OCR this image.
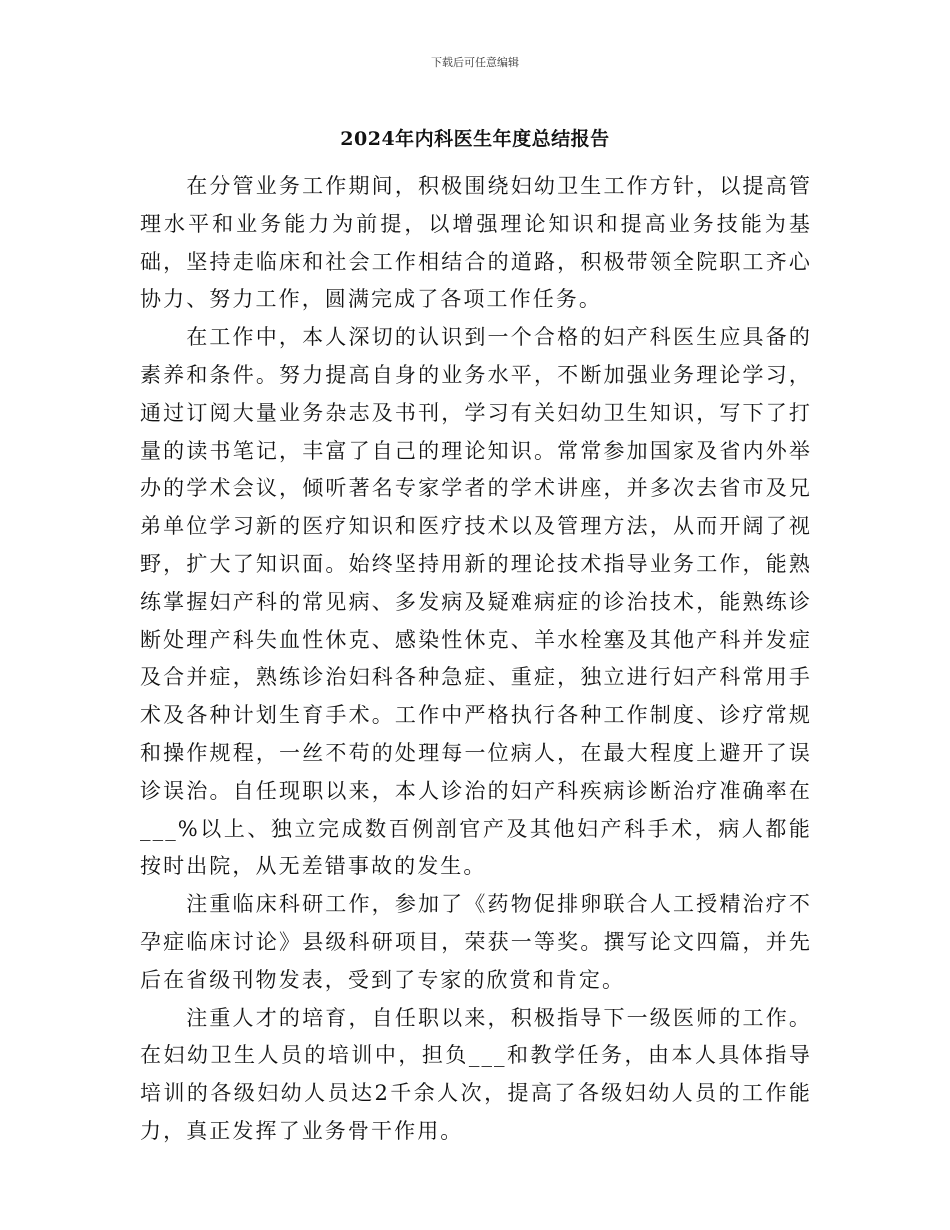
下载后可任意编辑
2024年内科医生年度总结报告

在分管业务工作期间，积极围绕妇幼卫生工作方针，以提高管理水平和业务能力为前提，以增强理论知识和提高业务技能为基础，坚持走临床和社会工作相结合的道路，积极带领全院职工齐心协力、努力工作，圆满完成了各项工作任务。

在工作中，本人深切的认识到一个合格的妇产科医生应具备的素养和条件。努力提高自身的业务水平，不断加强业务理论学习，通过订阅大量业务杂志及书刊，学习有关妇幼卫生知识，写下了打量的读书笔记，丰富了自己的理论知识。常常参加国家及省内外举办的学术会议，倾听著名专家学者的学术讲座，并多次去省市及兄弟单位学习新的医疗知识和医疗技术以及管理方法，从而开阔了视野，扩大了知识面。始终坚持用新的理论技术指导业务工作，能熟练掌握妇产科的常见病、多发病及疑难病症的诊治技术，能熟练诊断处理产科失血性休克、感染性休克、羊水栓塞及其他产科并发症及合并症，熟练诊治妇科各种急症、重症，独立进行妇产科常用手术及各种计划生育手术。工作中严格执行各种工作制度、诊疗常规和操作规程，一丝不苟的处理每一位病人，在最大程度上避开了误诊误治。自任现职以来，本人诊治的妇产科疾病诊断治疗准确率在___%以上、独立完成数百例剖官产及其他妇产科手术，病人都能按时出院，从无差错事故的发生。

注重临床科研工作，参加了《药物促排卵联合人工授精治疗不孕症临床讨论》县级科研项目，荣获一等奖。撰写论文四篇，并先后在省级刊物发表，受到了专家的欣赏和肯定。

注重人才的培育，自任职以来，积极指导下一级医师的工作。在妇幼卫生人员的培训中，担负___和教学任务，由本人具体指导培训的各级妇幼人员达2千余人次，提高了各级妇幼人员的工作能力，真正发挥了业务骨干作用。
